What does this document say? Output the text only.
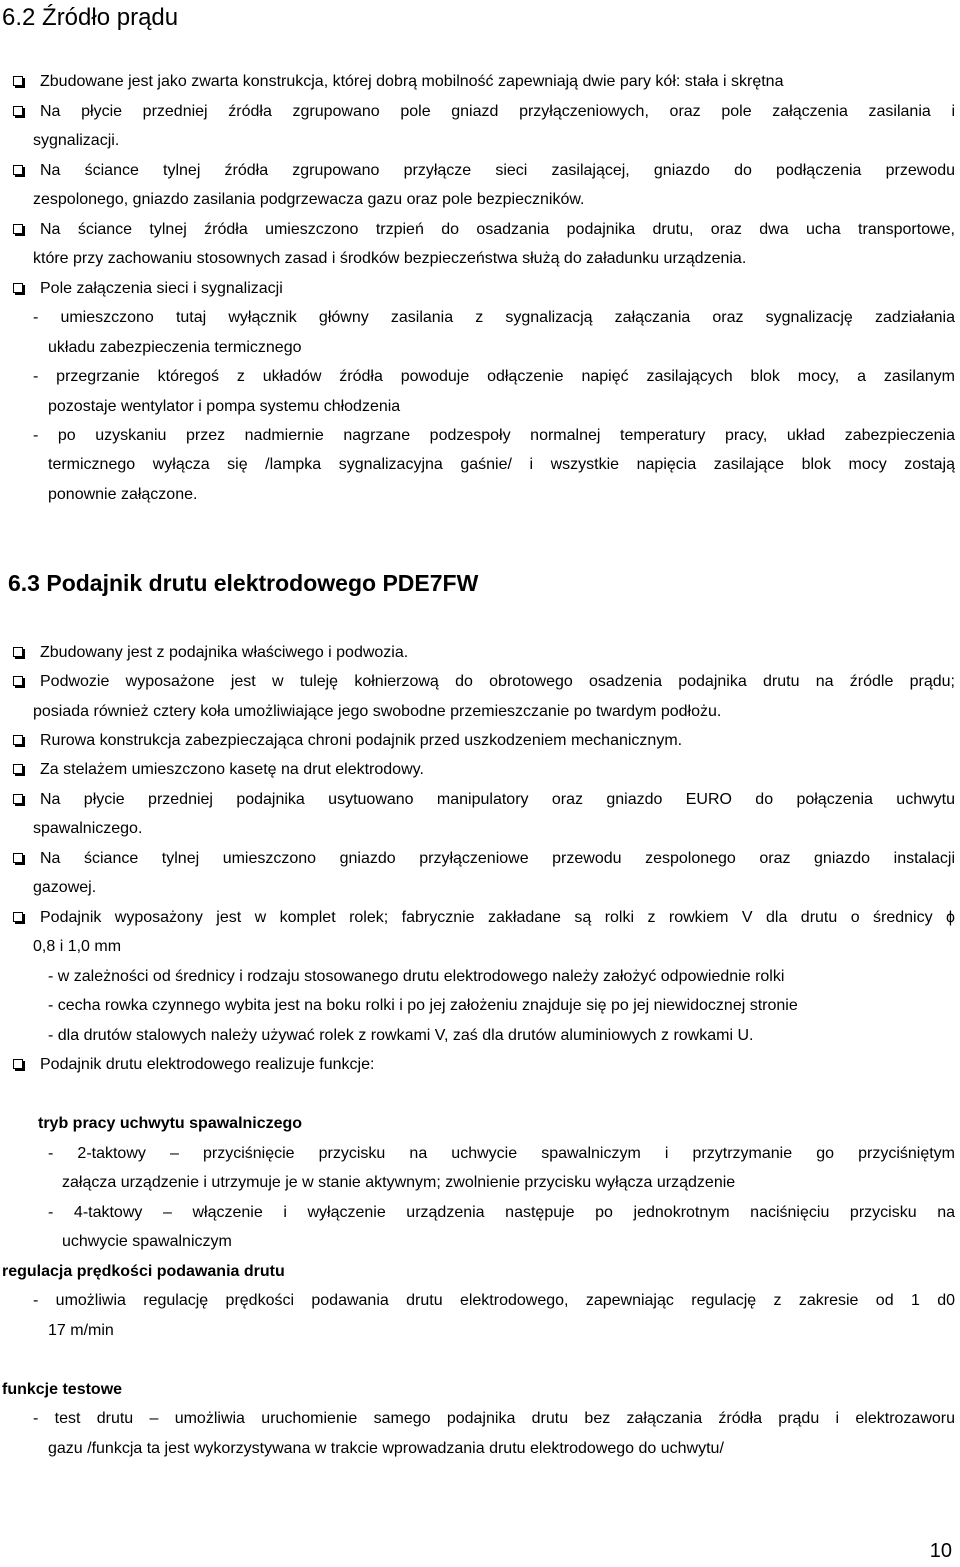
6.2 Źródło prądu
Zbudowane jest jako zwarta konstrukcja, której dobrą mobilność zapewniają dwie pary kół: stała i skrętna
Na płycie przedniej źródła zgrupowano pole gniazd przyłączeniowych, oraz pole załączenia zasilania i
sygnalizacji.
Na ściance tylnej źródła zgrupowano przyłącze sieci zasilającej, gniazdo do podłączenia przewodu
zespolonego, gniazdo zasilania podgrzewacza gazu oraz pole bezpieczników.
Na ściance tylnej źródła umieszczono trzpień do osadzania podajnika drutu, oraz dwa ucha transportowe,
które przy zachowaniu stosownych zasad i środków bezpieczeństwa służą do załadunku urządzenia.
Pole załączenia sieci i sygnalizacji
- umieszczono tutaj wyłącznik główny zasilania z sygnalizacją załączania oraz sygnalizację zadziałania
układu zabezpieczenia termicznego
- przegrzanie któregoś z układów źródła powoduje odłączenie napięć zasilających blok mocy, a zasilanym
pozostaje wentylator i pompa systemu chłodzenia
- po uzyskaniu przez nadmiernie nagrzane podzespoły normalnej temperatury pracy, układ zabezpieczenia
termicznego wyłącza się /lampka sygnalizacyjna gaśnie/ i wszystkie napięcia zasilające blok mocy zostają
ponownie załączone.
6.3 Podajnik drutu elektrodowego PDE7FW
Zbudowany jest z podajnika właściwego i podwozia.
Podwozie wyposażone jest w tuleję kołnierzową do obrotowego osadzenia podajnika drutu na źródle prądu;
posiada również cztery koła umożliwiające jego swobodne przemieszczanie po twardym podłożu.
Rurowa konstrukcja zabezpieczająca chroni podajnik przed uszkodzeniem mechanicznym.
Za stelażem umieszczono kasetę na drut elektrodowy.
Na płycie przedniej podajnika usytuowano manipulatory oraz gniazdo EURO do połączenia uchwytu
spawalniczego.
Na ściance tylnej umieszczono gniazdo przyłączeniowe przewodu zespolonego oraz gniazdo instalacji
gazowej.
Podajnik wyposażony jest w komplet rolek; fabrycznie zakładane są rolki z rowkiem V dla drutu o średnicy ϕ
0,8 i 1,0 mm
- w zależności od średnicy i rodzaju stosowanego drutu elektrodowego należy założyć odpowiednie rolki
- cecha rowka czynnego wybita jest na boku rolki i po jej założeniu znajduje się po jej niewidocznej stronie
- dla drutów stalowych należy używać rolek z rowkami V, zaś dla drutów aluminiowych z rowkami U.
Podajnik drutu elektrodowego realizuje funkcje:
tryb pracy uchwytu spawalniczego
- 2-taktowy – przyciśnięcie przycisku na uchwycie spawalniczym i przytrzymanie go przyciśniętym
załącza urządzenie i utrzymuje je w stanie aktywnym; zwolnienie przycisku wyłącza urządzenie
- 4-taktowy – włączenie i wyłączenie urządzenia następuje po jednokrotnym naciśnięciu przycisku na
uchwycie spawalniczym
regulacja prędkości podawania drutu
- umożliwia regulację prędkości podawania drutu elektrodowego, zapewniając regulację z zakresie od 1 d0
17 m/min
funkcje testowe
- test drutu – umożliwia uruchomienie samego podajnika drutu bez załączania źródła prądu i elektrozaworu
gazu /funkcja ta jest wykorzystywana w trakcie wprowadzania drutu elektrodowego do uchwytu/
10
